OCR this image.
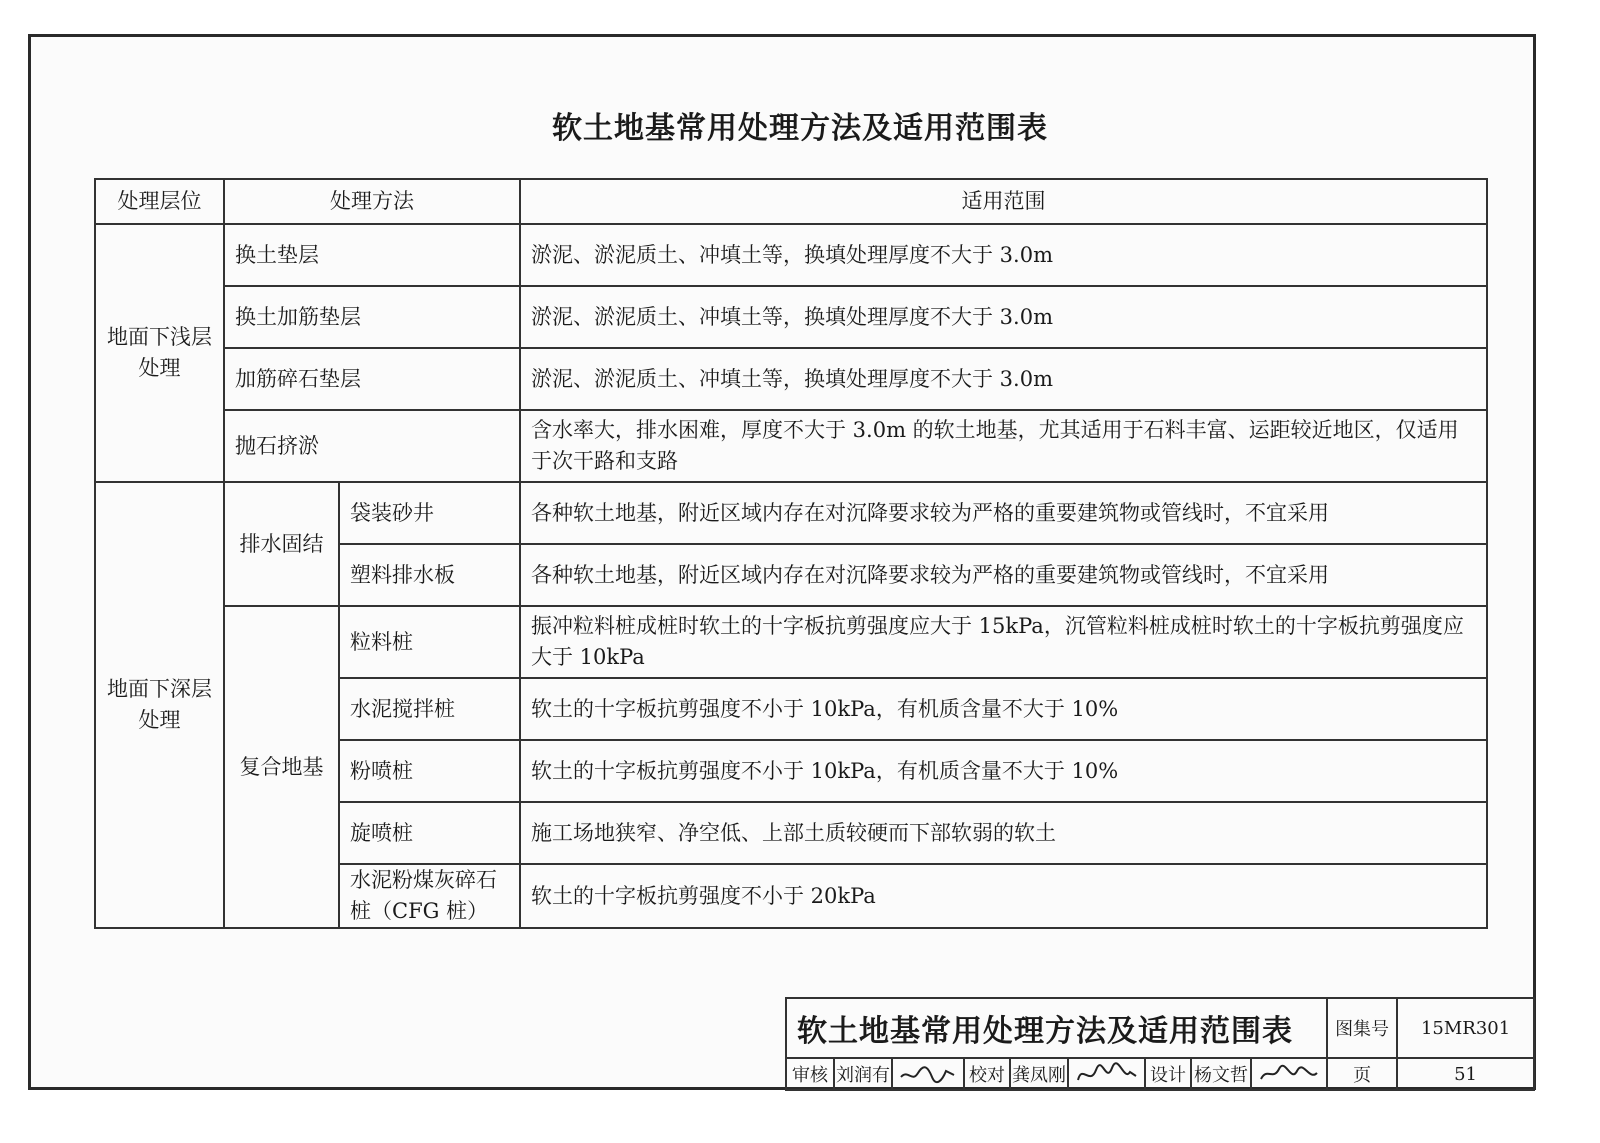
软土地基常用处理方法及适用范围表
处理层位	处理方法		适用范围
地面下浅层处理	换土垫层		淤泥、淤泥质土、冲填土等，换填处理厚度不大于 3.0m
	换土加筋垫层		淤泥、淤泥质土、冲填土等，换填处理厚度不大于 3.0m
	加筋碎石垫层		淤泥、淤泥质土、冲填土等，换填处理厚度不大于 3.0m
	抛石挤淤		含水率大，排水困难，厚度不大于 3.0m 的软土地基，尤其适用于石料丰富、运距较近地区，仅适用于次干路和支路
地面下深层处理	排水固结	袋装砂井	各种软土地基，附近区域内存在对沉降要求较为严格的重要建筑物或管线时，不宜采用
		塑料排水板	各种软土地基，附近区域内存在对沉降要求较为严格的重要建筑物或管线时，不宜采用
	复合地基	粒料桩	振冲粒料桩成桩时软土的十字板抗剪强度应大于 15kPa，沉管粒料桩成桩时软土的十字板抗剪强度应大于 10kPa
		水泥搅拌桩	软土的十字板抗剪强度不小于 10kPa，有机质含量不大于 10%
		粉喷桩	软土的十字板抗剪强度不小于 10kPa，有机质含量不大于 10%
		旋喷桩	施工场地狭窄、净空低、上部土质较硬而下部软弱的软土
		水泥粉煤灰碎石桩（CFG 桩）	软土的十字板抗剪强度不小于 20kPa
软土地基常用处理方法及适用范围表									图集号	15MR301
审核	刘润有		校对	龚凤刚		设计	杨文哲		页	51
